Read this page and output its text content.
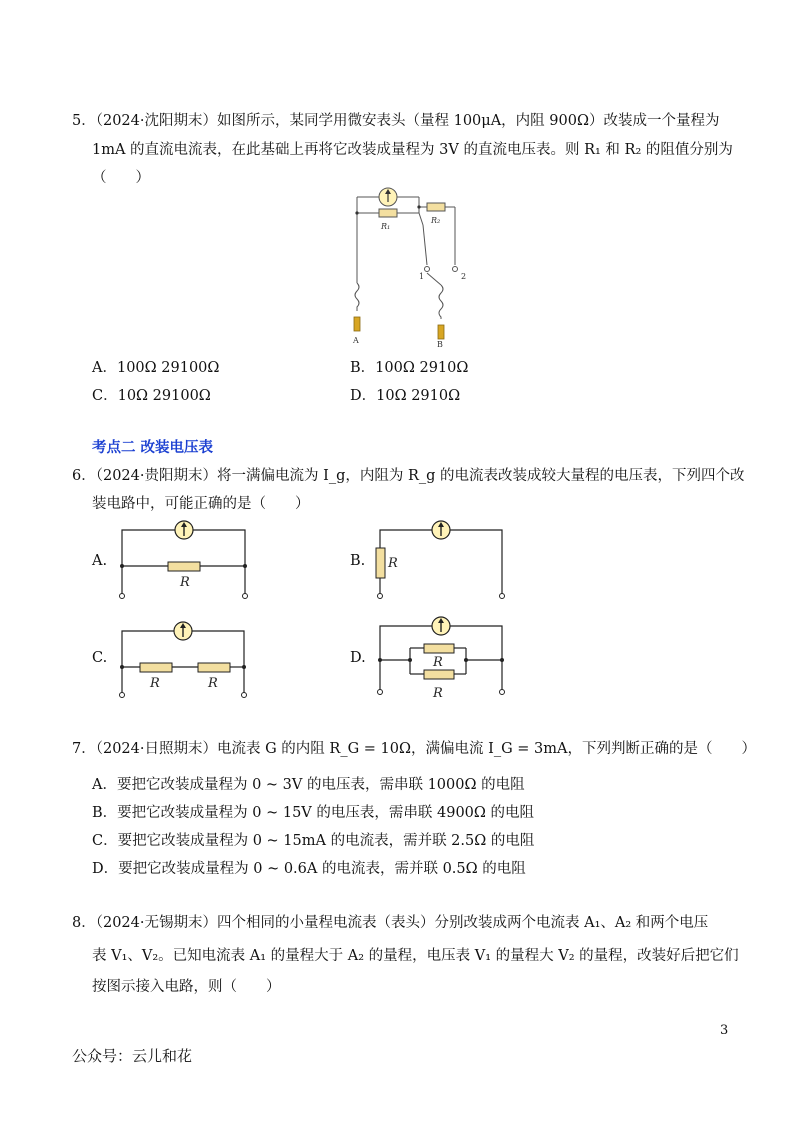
5．（2024·沈阳期末）如图所示，某同学用微安表头（量程 100μA，内阻 900Ω）改装成一个量程为
1mA 的直流电流表，在此基础上再将它改装成量程为 3V 的直流电压表。则 R₁ 和 R₂ 的阻值分别为
（　　）
R₁
R₂
1	2
A	B
A．100Ω 29100Ω	B．100Ω 2910Ω
C．10Ω 29100Ω	D．10Ω 2910Ω
考点二 改装电压表
6．（2024·贵阳期末）将一满偏电流为 I_g，内阻为 R_g 的电流表改装成较大量程的电压表，下列四个改
装电路中，可能正确的是（　　）
A.
R
B. R
C.
R	R
D.	R
R
7．（2024·日照期末）电流表 G 的内阻 R_G = 10Ω，满偏电流 I_G = 3mA，下列判断正确的是（　　）
A．要把它改装成量程为 0 ~ 3V 的电压表，需串联 1000Ω 的电阻
B．要把它改装成量程为 0 ~ 15V 的电压表，需串联 4900Ω 的电阻
C．要把它改装成量程为 0 ~ 15mA 的电流表，需并联 2.5Ω 的电阻
D．要把它改装成量程为 0 ~ 0.6A 的电流表，需并联 0.5Ω 的电阻
8．（2024·无锡期末）四个相同的小量程电流表（表头）分别改装成两个电流表 A₁、A₂ 和两个电压
表 V₁、V₂。已知电流表 A₁ 的量程大于 A₂ 的量程，电压表 V₁ 的量程大 V₂ 的量程，改装好后把它们
按图示接入电路，则（　　）
3
公众号：云儿和花
